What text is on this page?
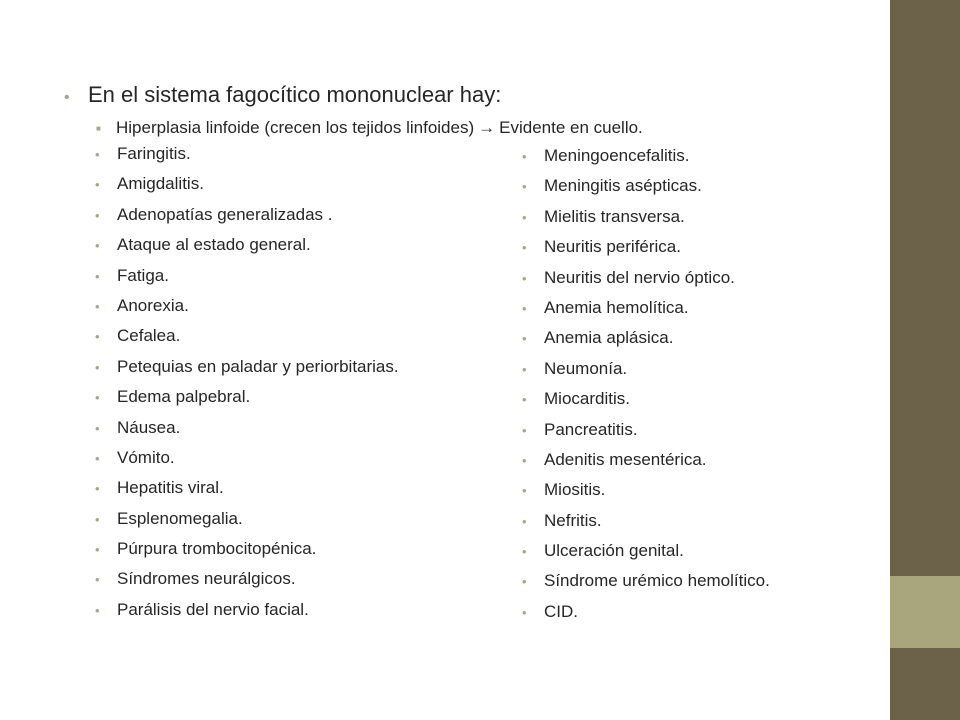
• En el sistema fagocítico mononuclear hay:
■ Hiperplasia linfoide (crecen los tejidos linfoides) → Evidente en cuello.
•	Faringitis.
•	Amigdalitis.
•	Adenopatías generalizadas .
•	Ataque al estado general.
•	Fatiga.
•	Anorexia.
•	Cefalea.
•	Petequias en paladar y periorbitarias.
•	Edema palpebral.
•	Náusea.
•	Vómito.
•	Hepatitis viral.
•	Esplenomegalia.
•	Púrpura trombocitopénica.
•	Síndromes neurálgicos.
•	Parálisis del nervio facial.
•	Meningoencefalitis.
•	Meningitis asépticas.
•	Mielitis transversa.
•	Neuritis periférica.
•	Neuritis del nervio óptico.
•	Anemia hemolítica.
•	Anemia aplásica.
•	Neumonía.
•	Miocarditis.
•	Pancreatitis.
•	Adenitis mesentérica.
•	Miositis.
•	Nefritis.
•	Ulceración genital.
•	Síndrome urémico hemolítico.
•	CID.
